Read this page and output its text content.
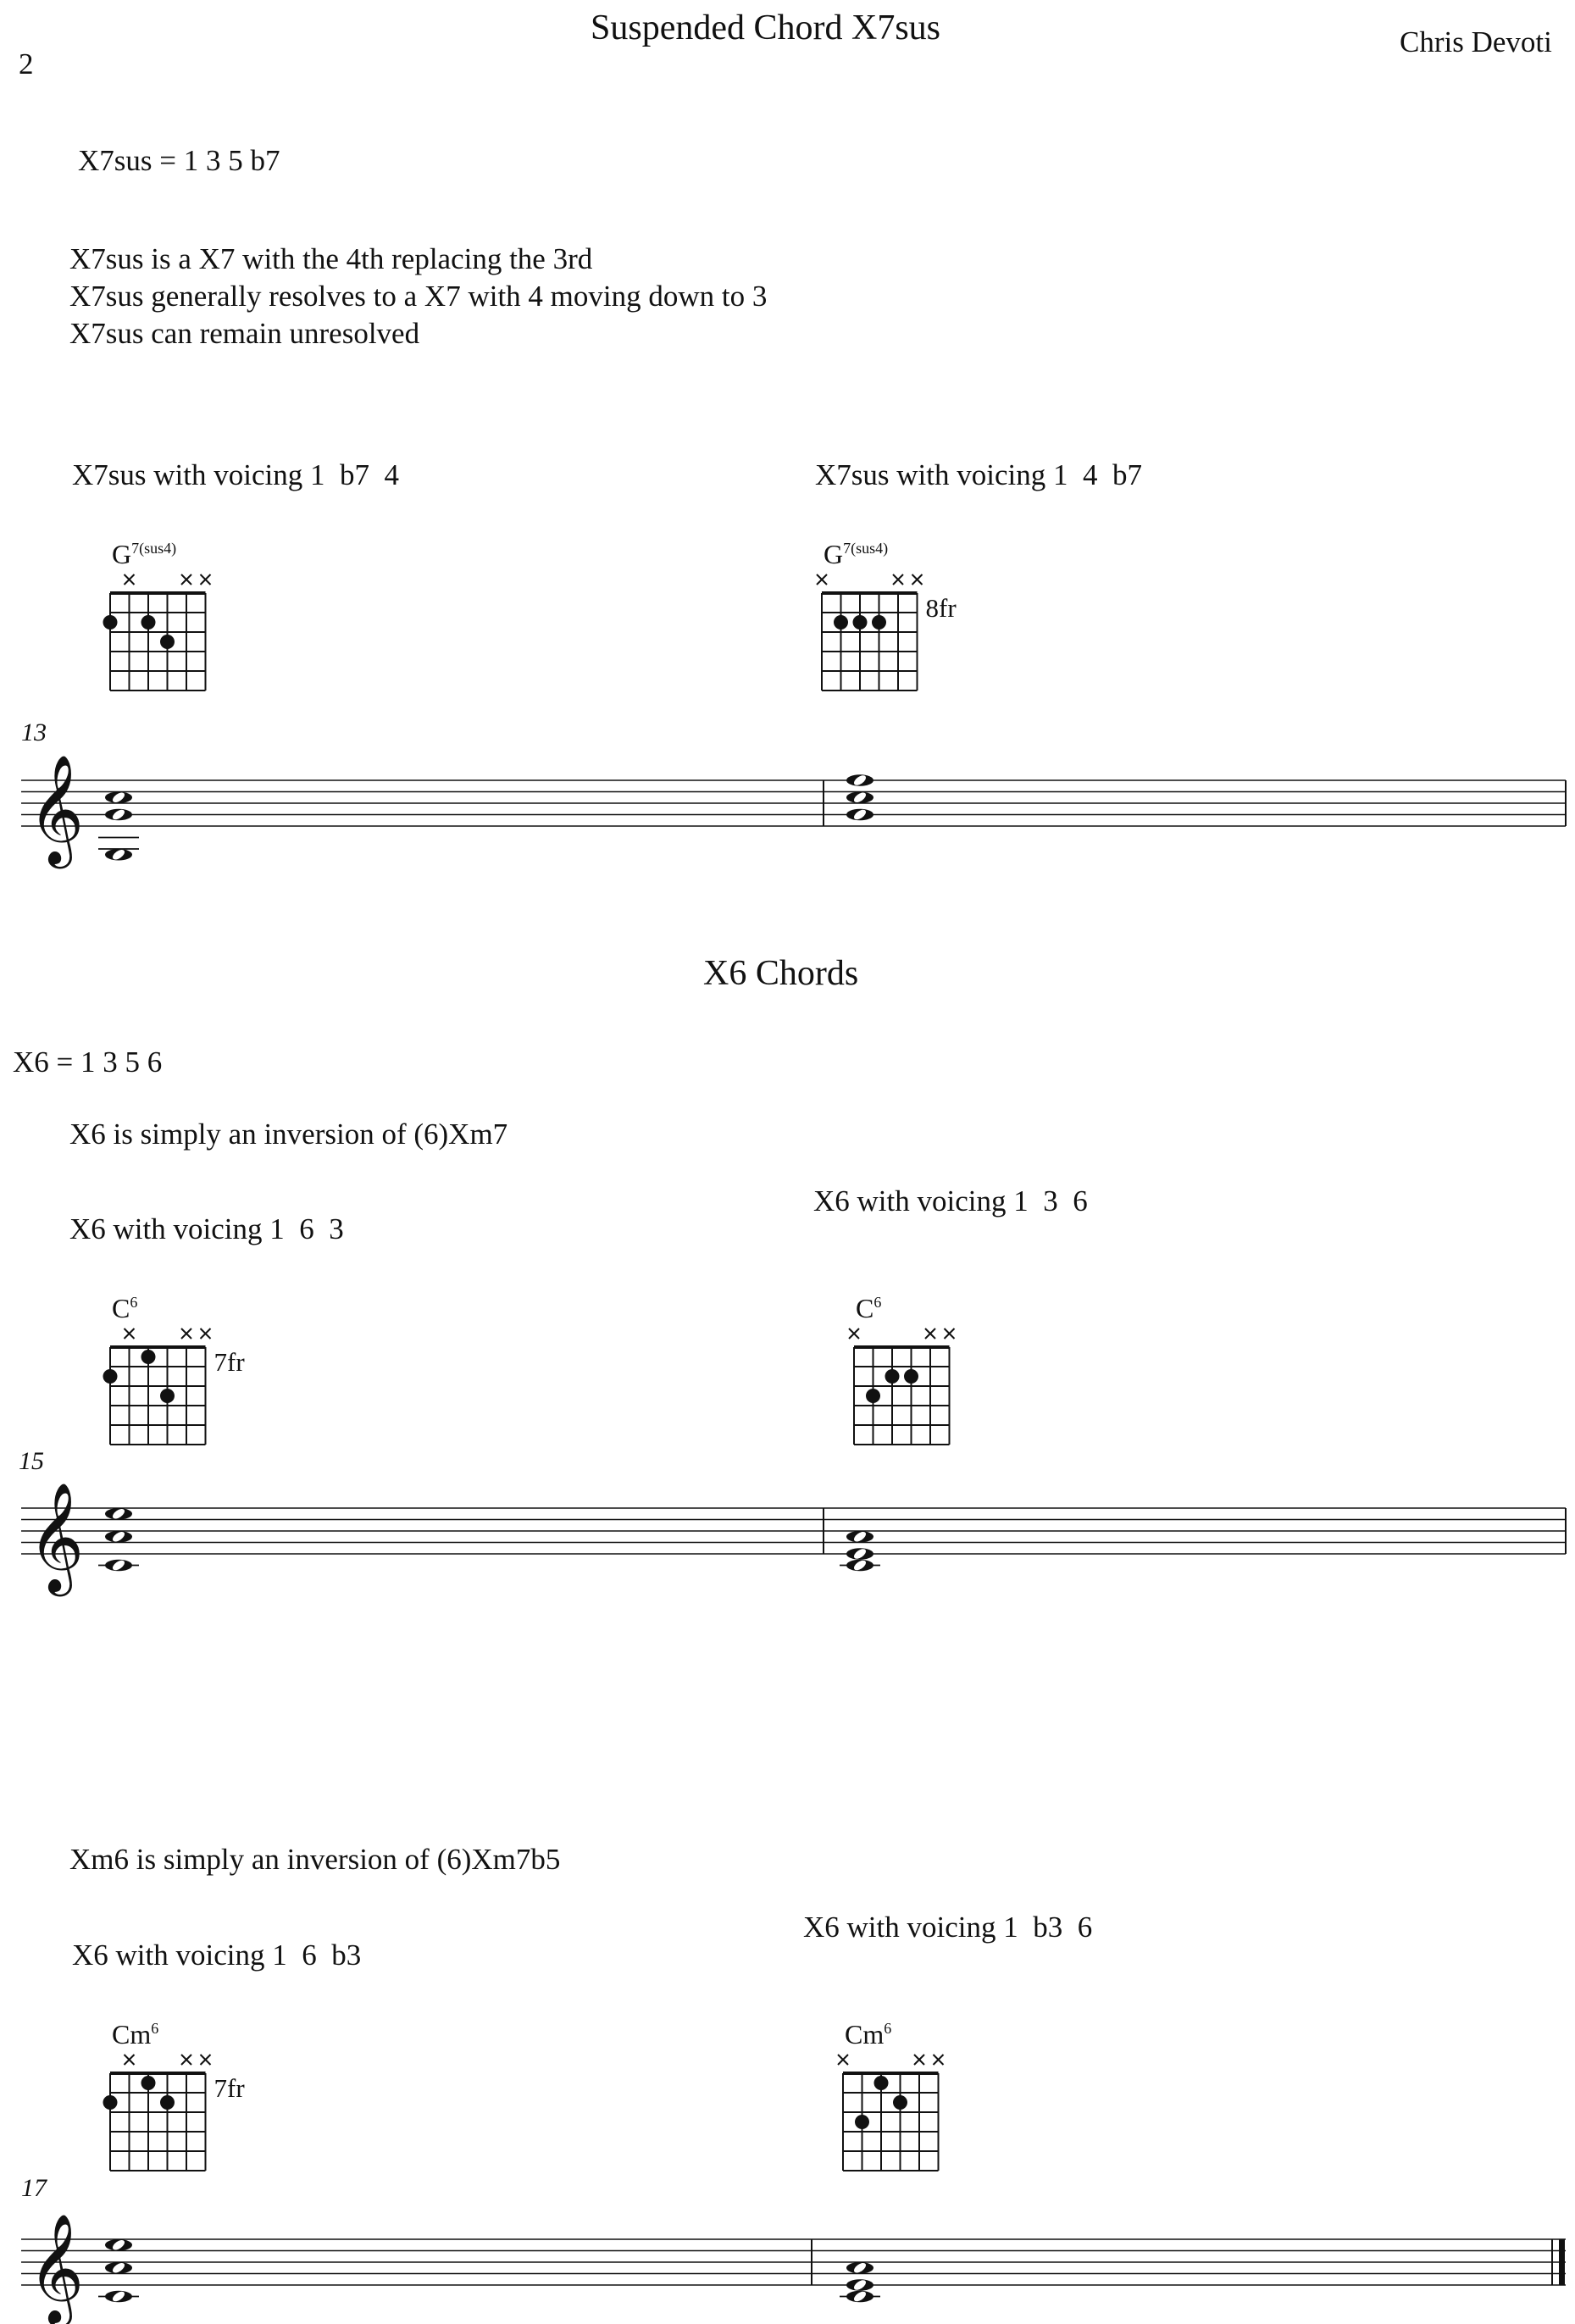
2
Suspended Chord X7sus	Chris Devoti
X7sus = 1 3 5 b7
X7sus is a X7 with the 4th replacing the 3rd
X7sus generally resolves to a X7 with 4 moving down to 3
X7sus can remain unresolved
X7sus with voicing 1  b7  4	X7sus with voicing 1  4  b7
X6 Chords
X6 = 1 3 5 6
X6 is simply an inversion of (6)Xm7
X6 with voicing 1  6  3
X6 with voicing 1  3  6
Xm6 is simply an inversion of (6)Xm7b5
X6 with voicing 1  6  b3
X6 with voicing 1  b3  6
13
15
17
$G^{7(sus4)}$	$G^{7(sus4)}$
8fr
$C^6$
7fr
$C^6$
Cm$^6$
7fr
Cm$^6$
𝄞
𝄞
𝄞
